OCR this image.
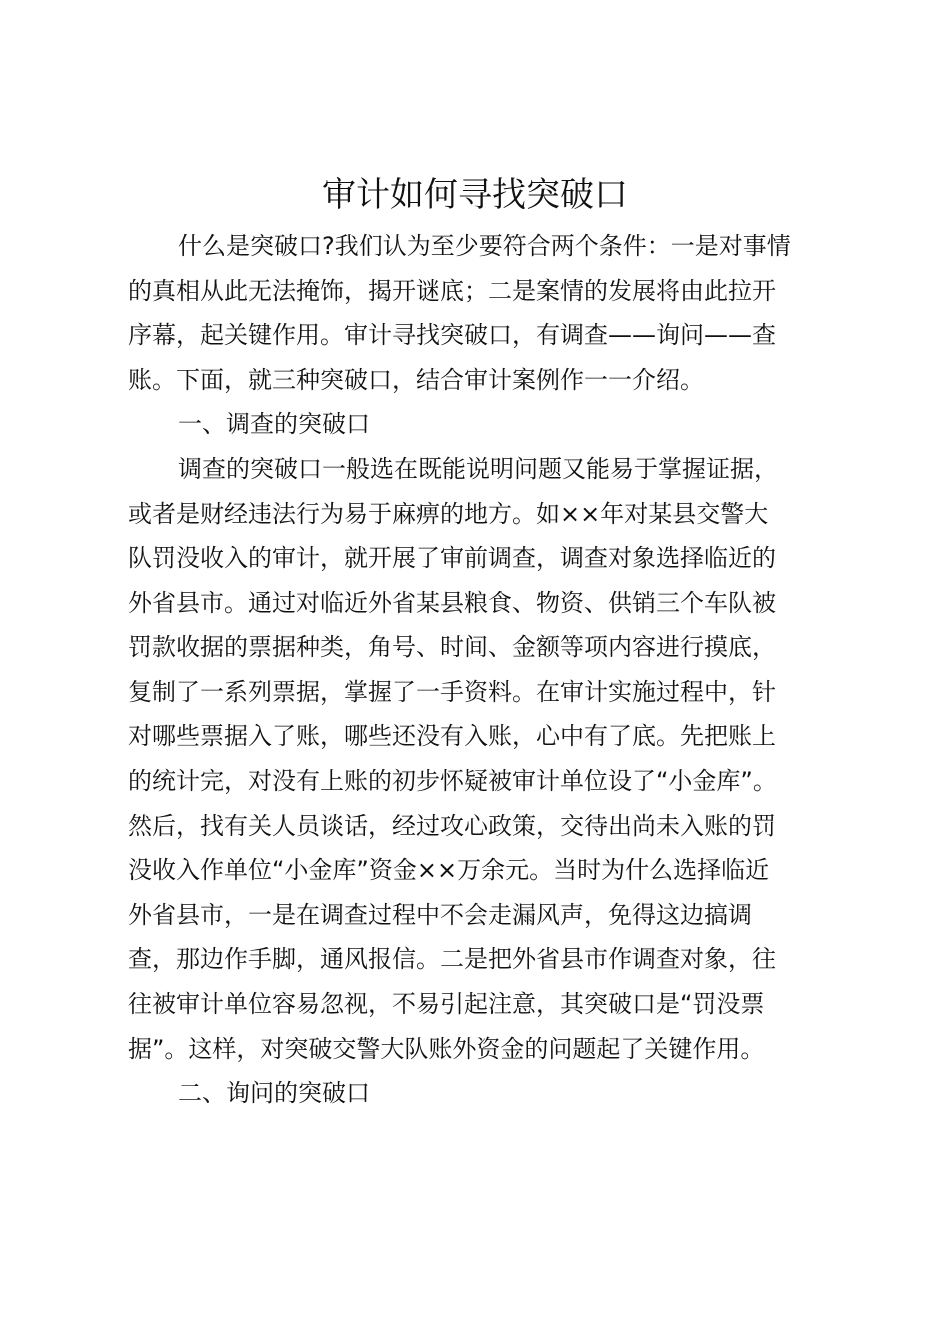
审计如何寻找突破口
什么是突破口?我们认为至少要符合两个条件：一是对事情
的真相从此无法掩饰，揭开谜底；二是案情的发展将由此拉开
序幕，起关键作用。审计寻找突破口，有调查——询问——查
账。下面，就三种突破口，结合审计案例作一一介绍。
一、调查的突破口
调查的突破口一般选在既能说明问题又能易于掌握证据，
或者是财经违法行为易于麻痹的地方。如××年对某县交警大
队罚没收入的审计，就开展了审前调查，调查对象选择临近的
外省县市。通过对临近外省某县粮食、物资、供销三个车队被
罚款收据的票据种类，角号、时间、金额等项内容进行摸底，
复制了一系列票据，掌握了一手资料。在审计实施过程中，针
对哪些票据入了账，哪些还没有入账，心中有了底。先把账上
的统计完，对没有上账的初步怀疑被审计单位设了“小金库”。
然后，找有关人员谈话，经过攻心政策，交待出尚未入账的罚
没收入作单位“小金库”资金××万余元。当时为什么选择临近
外省县市，一是在调查过程中不会走漏风声，免得这边搞调
查，那边作手脚，通风报信。二是把外省县市作调查对象，往
往被审计单位容易忽视，不易引起注意，其突破口是“罚没票
据”。这样，对突破交警大队账外资金的问题起了关键作用。
二、询问的突破口
